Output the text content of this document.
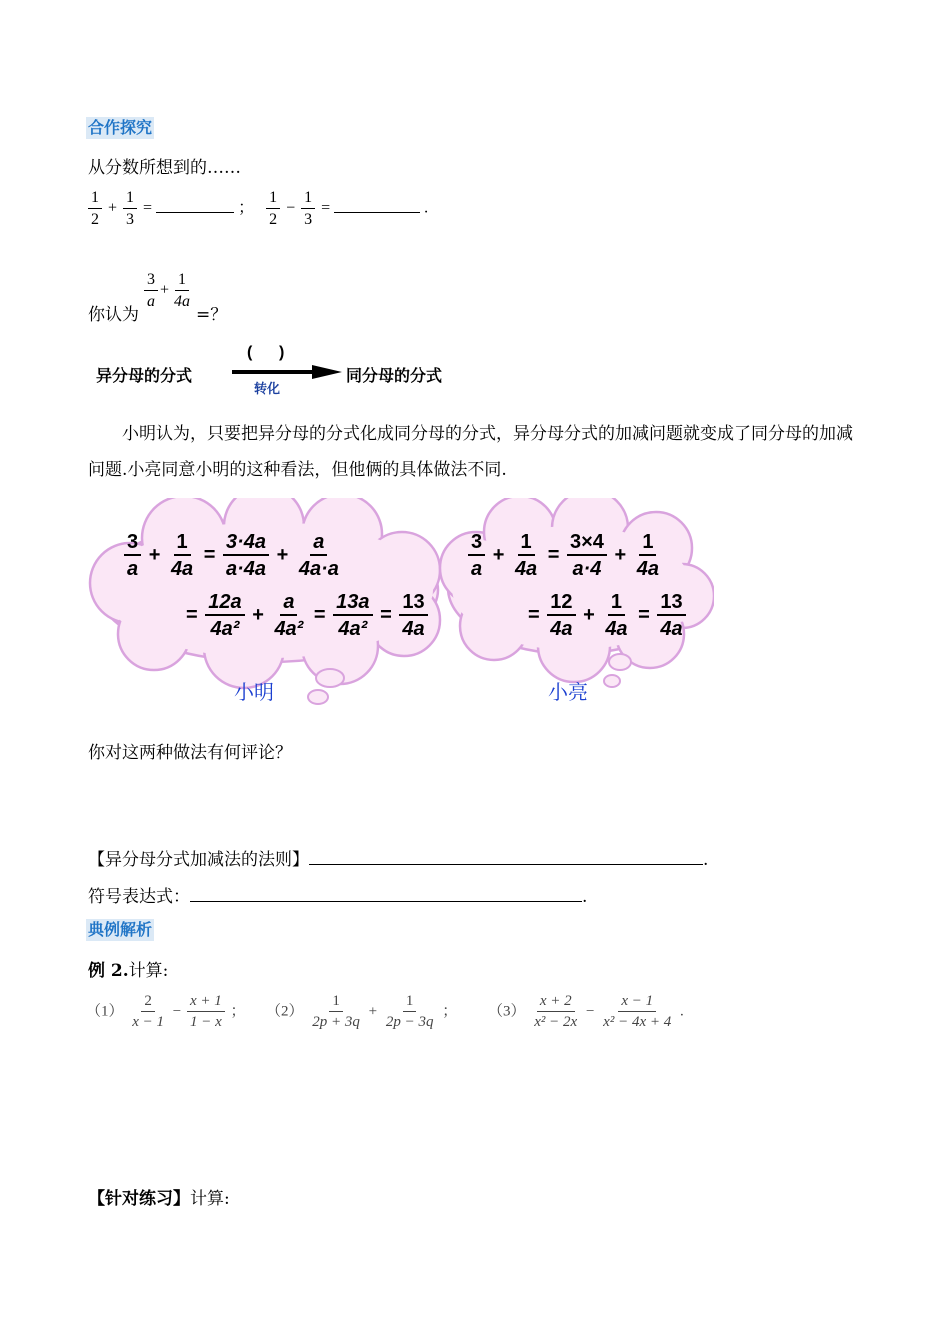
合作探究
从分数所想到的……
$\frac{1}{2} + \frac{1}{3}$ =	； $\frac{1}{2} - \frac{1}{3}$ =	.
你认为
$\frac{3}{a} + \frac{1}{4a}$
=？
异分母的分式
(      )
转化
同分母的分式
小明认为，只要把异分母的分式化成同分母的分式，异分母分式的加减问题就变成了同分母的加减问题.小亮同意小明的这种看法，但他俩的具体做法不同.
$\frac{3}{a} + \frac{1}{4a} = \frac{3\cdot 4a}{a\cdot 4a} + \frac{a}{4a\cdot a}$
= $\frac{12a}{\text{4a²}} + \frac{a}{\text{4a²}} = \frac{13a}{\text{4a²}} = \frac{13}{4a}$
小明
$\frac{3}{a} + \frac{1}{4a} = \frac{3\times 4}{a\cdot 4} + \frac{1}{4a}$
= $\frac{12}{4a} + \frac{1}{4a} = \frac{13}{4a}$
小亮
你对这两种做法有何评论？
【异分母分式加减法的法则】	.
符号表达式：	.
典例解析
例 2.计算:
$(1) \frac{2}{x - 1} - \frac{x + 1}{1 - x}$ ； $(2) \frac{1}{2p + 3q} + \frac{1}{2p - 3q}$ ； $(3) \frac{x + 2}{\text{x² − 2x}} - \frac{x - 1}{\text{x² − 4x + 4}}$ .
【针对练习】计算:
